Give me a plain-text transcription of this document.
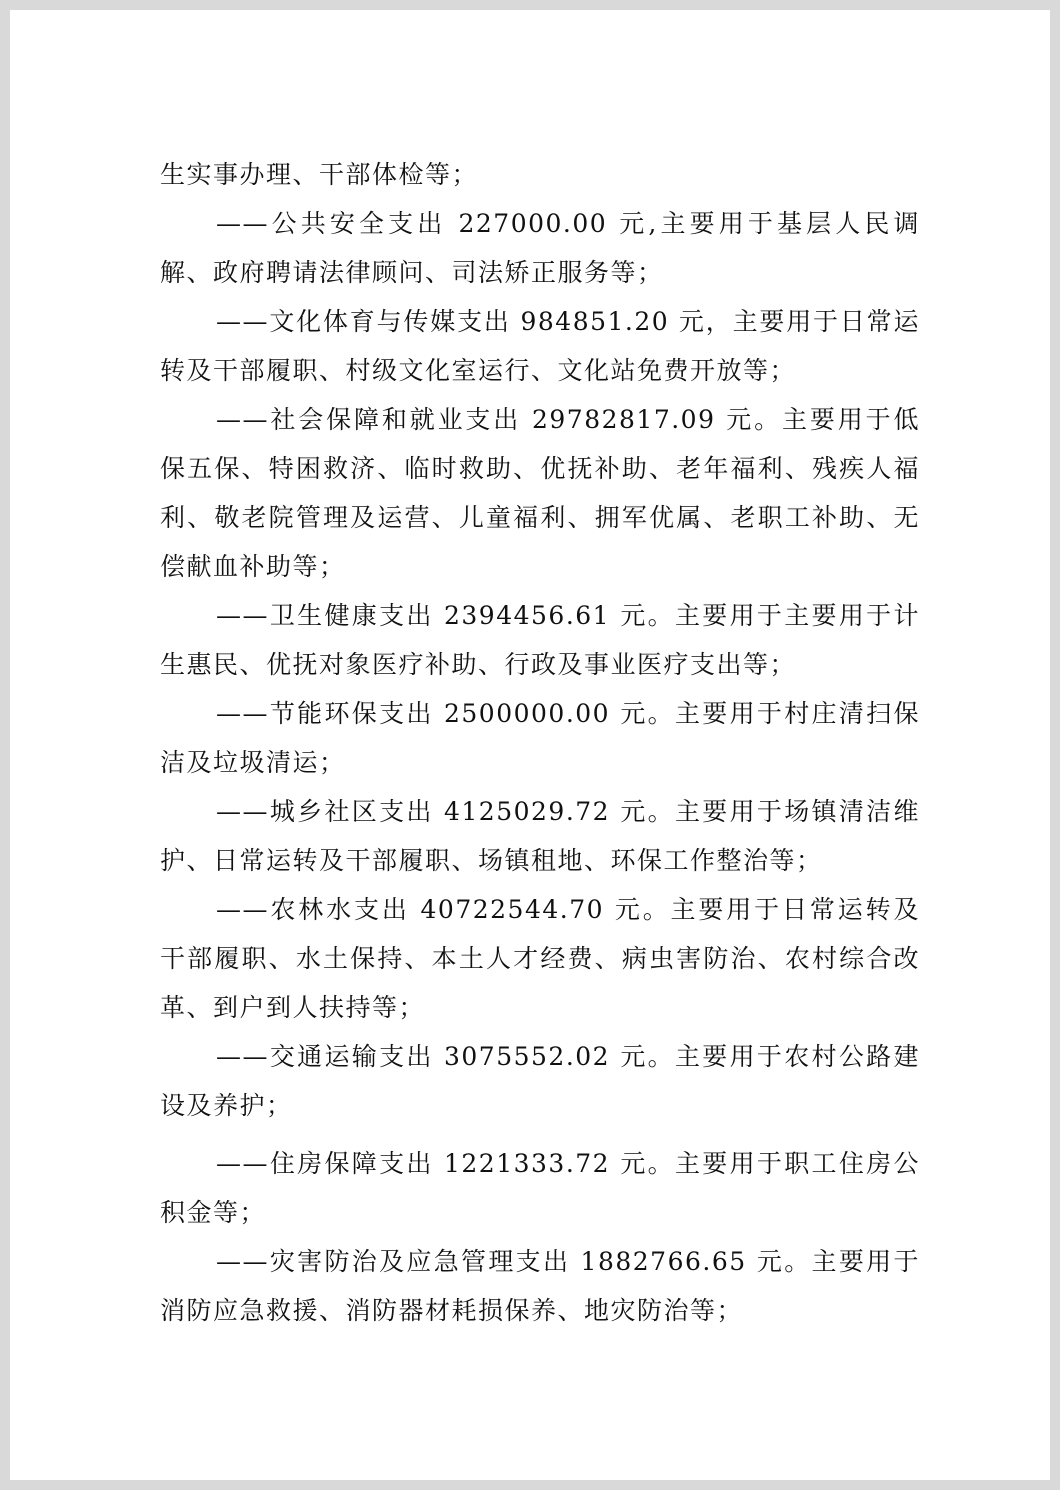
生实事办理、干部体检等；

——公共安全支出 227000.00 元,主要用于基层人民调解、政府聘请法律顾问、司法矫正服务等；

——文化体育与传媒支出 984851.20 元，主要用于日常运转及干部履职、村级文化室运行、文化站免费开放等；

——社会保障和就业支出 29782817.09 元。主要用于低保五保、特困救济、临时救助、优抚补助、老年福利、残疾人福利、敬老院管理及运营、儿童福利、拥军优属、老职工补助、无偿献血补助等；

——卫生健康支出 2394456.61 元。主要用于主要用于计生惠民、优抚对象医疗补助、行政及事业医疗支出等；

——节能环保支出 2500000.00 元。主要用于村庄清扫保洁及垃圾清运；

——城乡社区支出 4125029.72 元。主要用于场镇清洁维护、日常运转及干部履职、场镇租地、环保工作整治等；

——农林水支出 40722544.70 元。主要用于日常运转及干部履职、水土保持、本土人才经费、病虫害防治、农村综合改革、到户到人扶持等；

——交通运输支出 3075552.02 元。主要用于农村公路建设及养护；

——住房保障支出 1221333.72 元。主要用于职工住房公积金等；

——灾害防治及应急管理支出 1882766.65 元。主要用于消防应急救援、消防器材耗损保养、地灾防治等；
